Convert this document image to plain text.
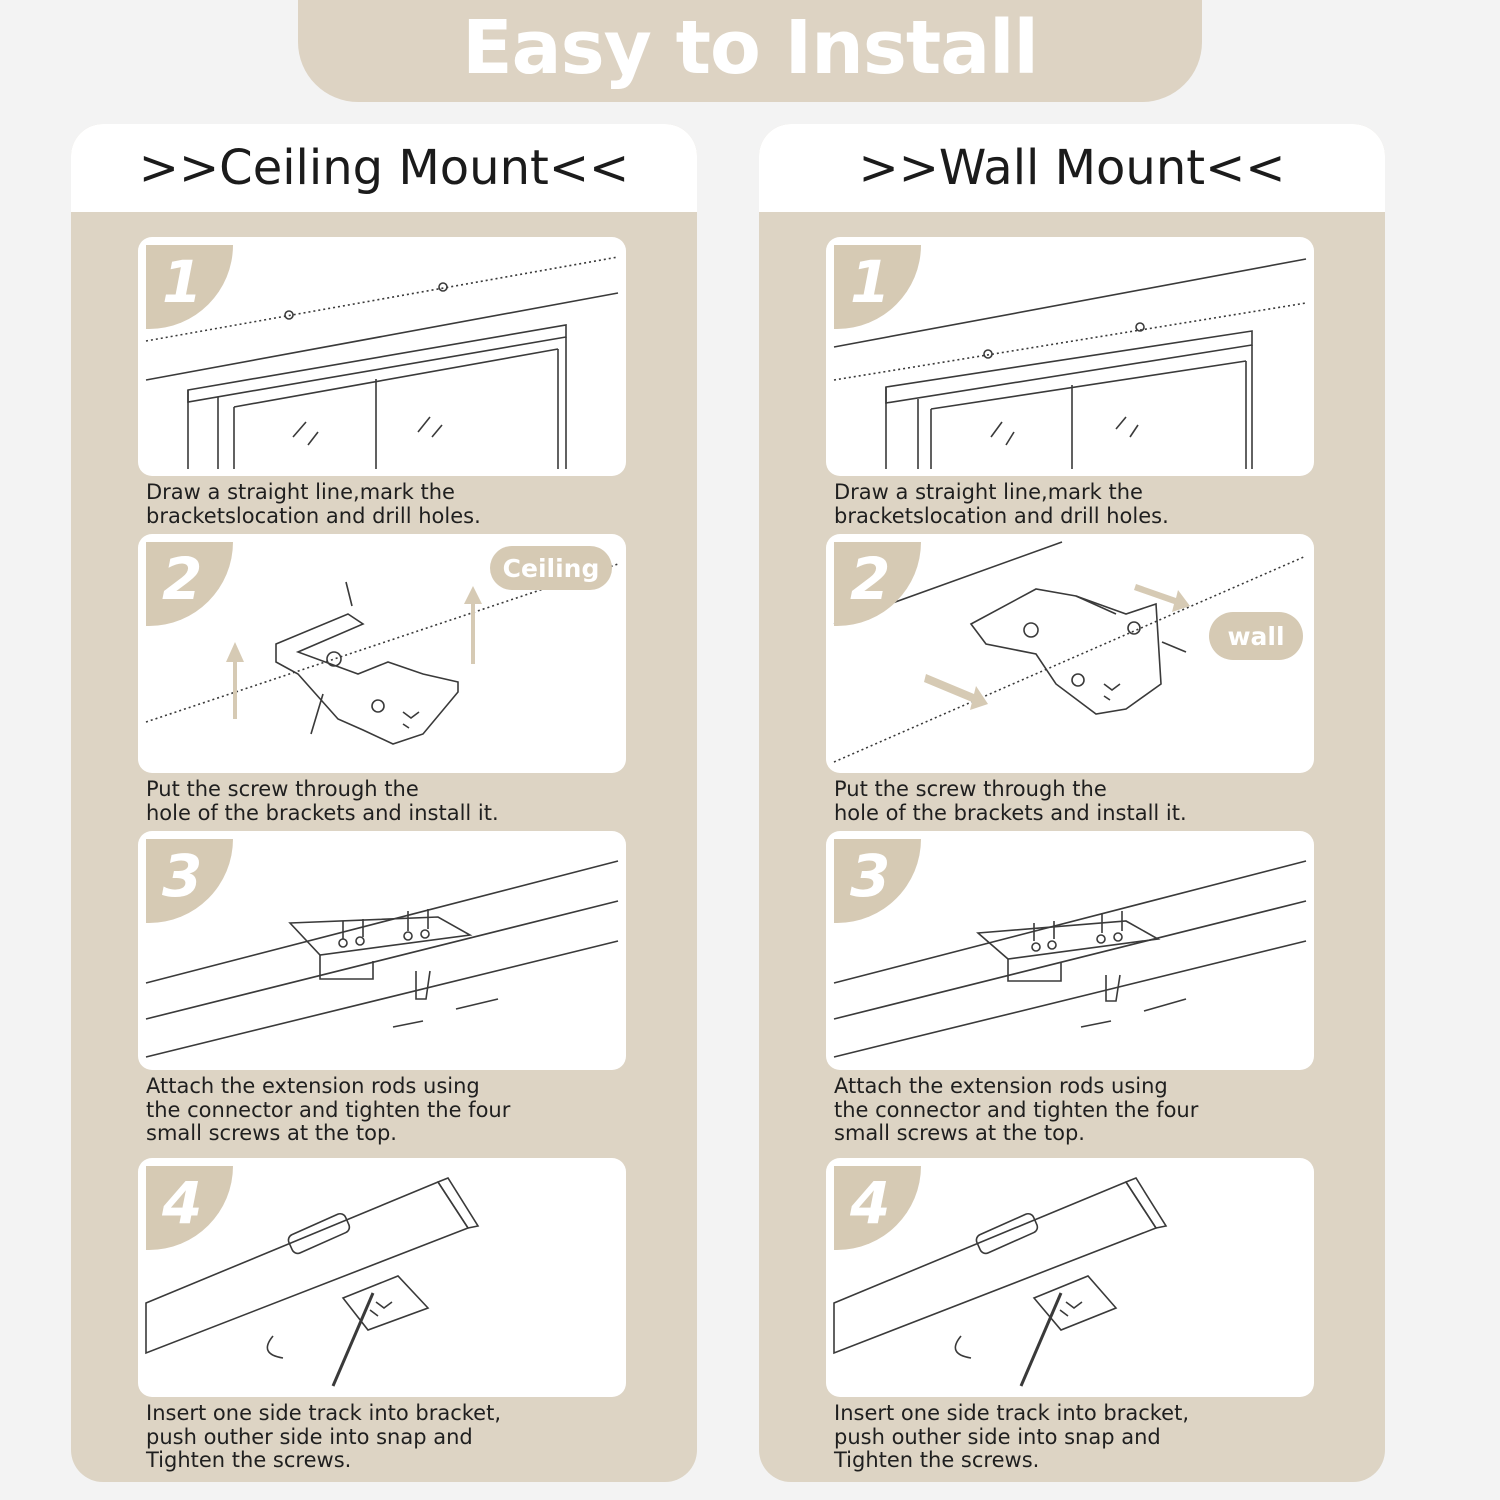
Easy to Install
>>Ceiling Mount<<
1

Draw a straight line,mark the
bracketslocation and drill holes.

Ceiling
2

Put the screw through the
hole of the brackets and install it.

3

Attach the extension rods using
the connector and tighten the four
small screws at the top.

4

Insert one side track into bracket,
push outher side into snap and
Tighten the screws.

>>Wall Mount<<
1

Draw a straight line,mark the
bracketslocation and drill holes.

wall
2

Put the screw through the
hole of the brackets and install it.

3

Attach the extension rods using
the connector and tighten the four
small screws at the top.

4

Insert one side track into bracket,
push outher side into snap and
Tighten the screws.
